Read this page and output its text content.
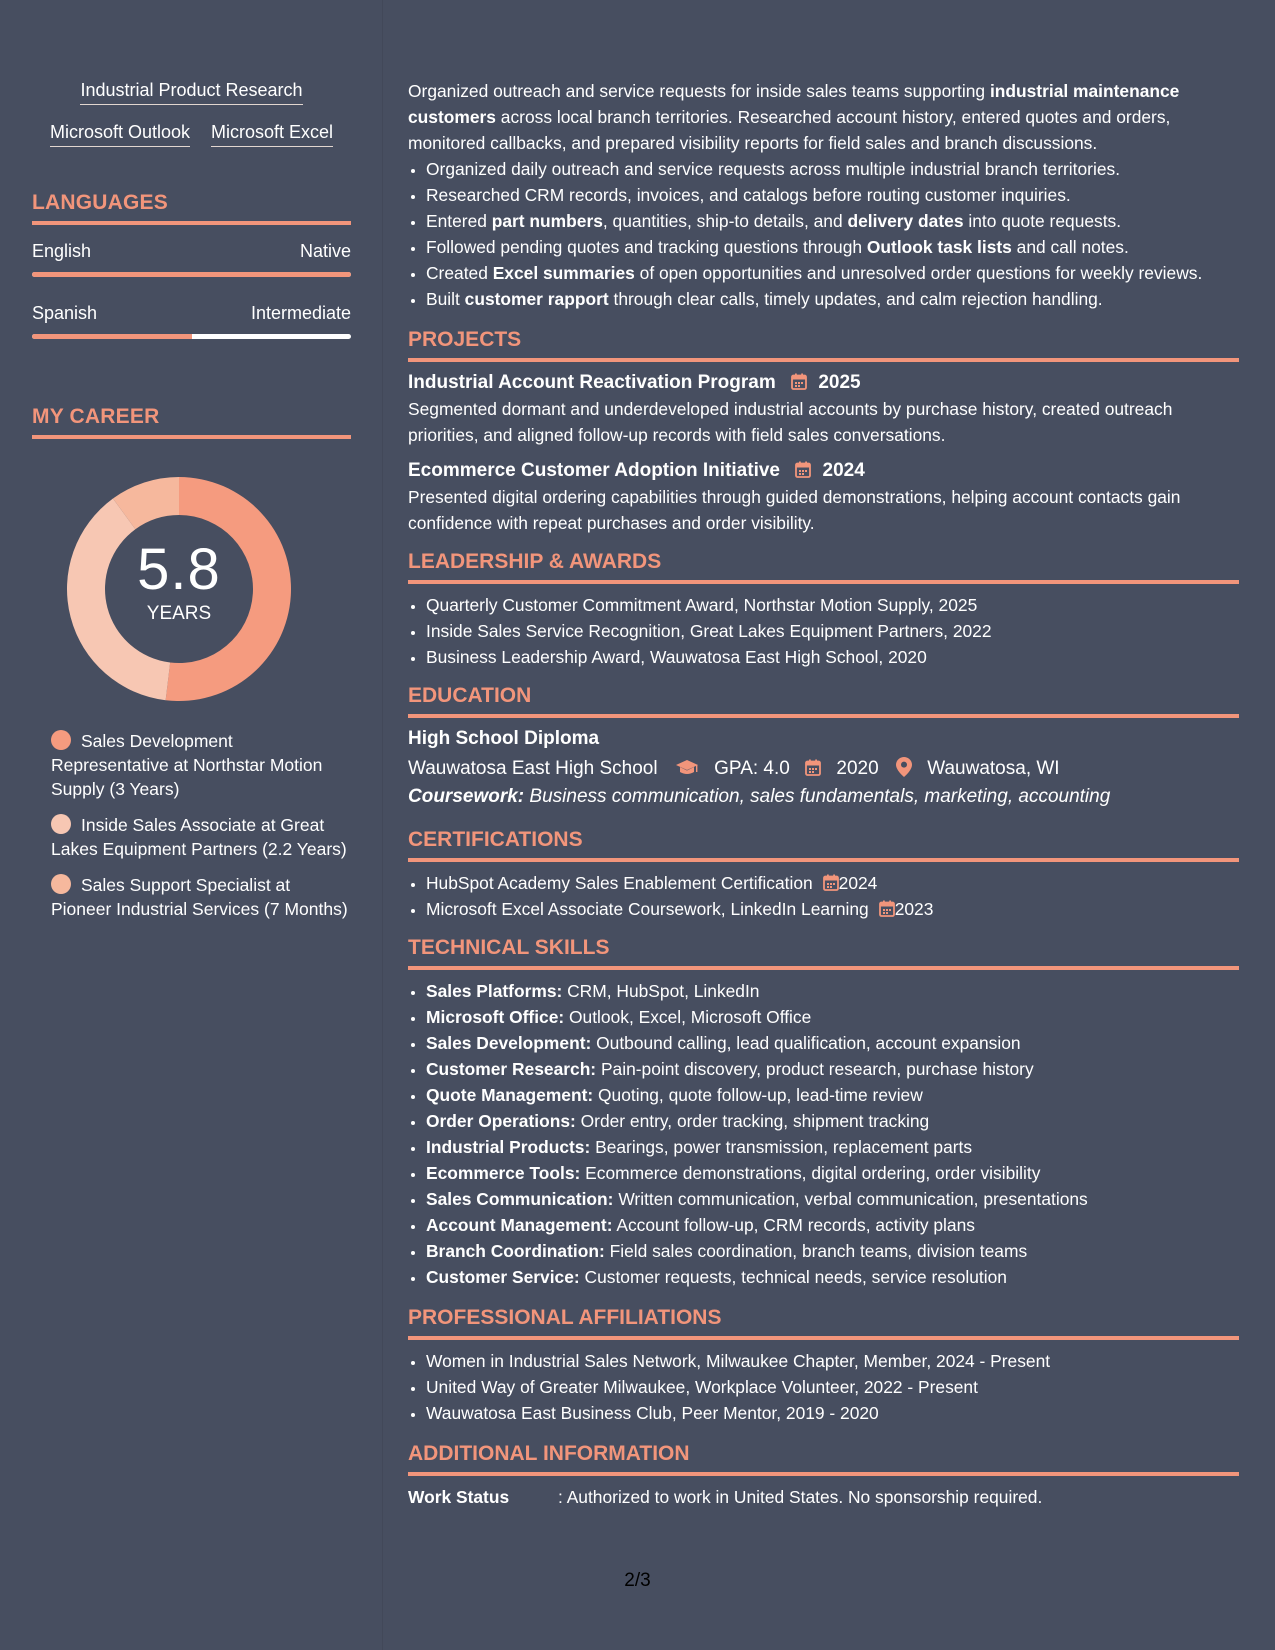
Industrial Product Research
Microsoft Outlook Microsoft Excel
LANGUAGES
English	Native
Spanish	Intermediate
MY CAREER
5.8
YEARS
Sales Development Representative at Northstar Motion Supply (3 Years)
Inside Sales Associate at Great Lakes Equipment Partners (2.2 Years)
Sales Support Specialist at Pioneer Industrial Services (7 Months)

Organized outreach and service requests for inside sales teams supporting industrial maintenance customers across local branch territories. Researched account history, entered quotes and orders, monitored callbacks, and prepared visibility reports for field sales and branch discussions.

• Organized daily outreach and service requests across multiple industrial branch territories.
• Researched CRM records, invoices, and catalogs before routing customer inquiries.
• Entered part numbers, quantities, ship-to details, and delivery dates into quote requests.
• Followed pending quotes and tracking questions through Outlook task lists and call notes.
• Created Excel summaries of open opportunities and unresolved order questions for weekly reviews.
• Built customer rapport through clear calls, timely updates, and calm rejection handling.
PROJECTS
Industrial Account Reactivation Program 2025
Segmented dormant and underdeveloped industrial accounts by purchase history, created outreach priorities, and aligned follow-up records with field sales conversations.
Ecommerce Customer Adoption Initiative 2024
Presented digital ordering capabilities through guided demonstrations, helping account contacts gain confidence with repeat purchases and order visibility.
LEADERSHIP & AWARDS
• Quarterly Customer Commitment Award, Northstar Motion Supply, 2025
• Inside Sales Service Recognition, Great Lakes Equipment Partners, 2022
• Business Leadership Award, Wauwatosa East High School, 2020
EDUCATION
High School Diploma
Wauwatosa East High School	GPA: 4.0 2020	Wauwatosa, WI
Coursework: Business communication, sales fundamentals, marketing, accounting
CERTIFICATIONS
• HubSpot Academy Sales Enablement Certification 2024
• Microsoft Excel Associate Coursework, LinkedIn Learning 2023
TECHNICAL SKILLS
• Sales Platforms: CRM, HubSpot, LinkedIn
• Microsoft Office: Outlook, Excel, Microsoft Office
• Sales Development: Outbound calling, lead qualification, account expansion
• Customer Research: Pain-point discovery, product research, purchase history
• Quote Management: Quoting, quote follow-up, lead-time review
• Order Operations: Order entry, order tracking, shipment tracking
• Industrial Products: Bearings, power transmission, replacement parts
• Ecommerce Tools: Ecommerce demonstrations, digital ordering, order visibility
• Sales Communication: Written communication, verbal communication, presentations
• Account Management: Account follow-up, CRM records, activity plans
• Branch Coordination: Field sales coordination, branch teams, division teams
• Customer Service: Customer requests, technical needs, service resolution
PROFESSIONAL AFFILIATIONS
• Women in Industrial Sales Network, Milwaukee Chapter, Member, 2024 - Present
• United Way of Greater Milwaukee, Workplace Volunteer, 2022 - Present
• Wauwatosa East Business Club, Peer Mentor, 2019 - 2020
ADDITIONAL INFORMATION
Work Status	: Authorized to work in United States. No sponsorship required.
2/3
